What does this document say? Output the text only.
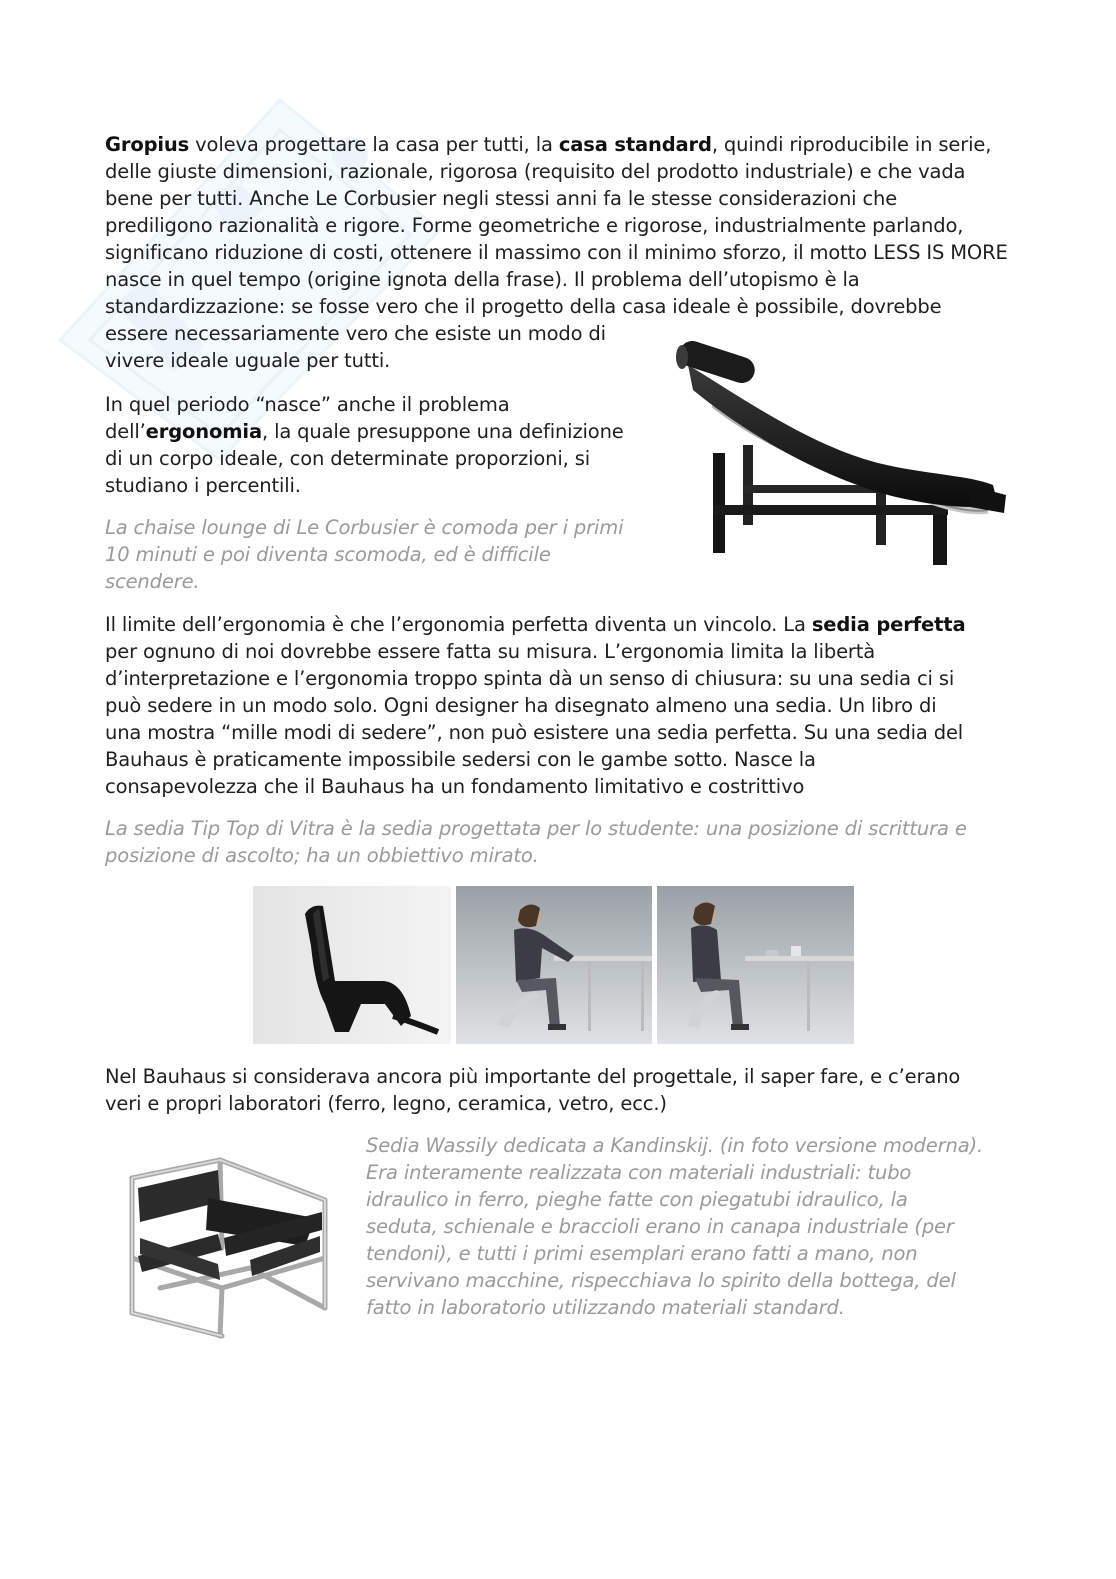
Gropius voleva progettare la casa per tutti, la casa standard, quindi riproducibile in serie,

delle giuste dimensioni, razionale, rigorosa (requisito del prodotto industriale) e che vada

bene per tutti. Anche Le Corbusier negli stessi anni fa le stesse considerazioni che

prediligono razionalità e rigore. Forme geometriche e rigorose, industrialmente parlando,

significano riduzione di costi, ottenere il massimo con il minimo sforzo, il motto LESS IS MORE

nasce in quel tempo (origine ignota della frase). Il problema dell’utopismo è la

standardizzazione: se fosse vero che il progetto della casa ideale è possibile, dovrebbe

essere necessariamente vero che esiste un modo di

vivere ideale uguale per tutti.

In quel periodo “nasce” anche il problema

dell’ergonomia, la quale presuppone una definizione

di un corpo ideale, con determinate proporzioni, si

studiano i percentili.

La chaise lounge di Le Corbusier è comoda per i primi

10 minuti e poi diventa scomoda, ed è difficile

scendere.

Il limite dell’ergonomia è che l’ergonomia perfetta diventa un vincolo. La sedia perfetta

per ognuno di noi dovrebbe essere fatta su misura. L’ergonomia limita la libertà

d’interpretazione e l’ergonomia troppo spinta dà un senso di chiusura: su una sedia ci si

può sedere in un modo solo. Ogni designer ha disegnato almeno una sedia. Un libro di

una mostra “mille modi di sedere”, non può esistere una sedia perfetta. Su una sedia del

Bauhaus è praticamente impossibile sedersi con le gambe sotto. Nasce la

consapevolezza che il Bauhaus ha un fondamento limitativo e costrittivo

La sedia Tip Top di Vitra è la sedia progettata per lo studente: una posizione di scrittura e

posizione di ascolto; ha un obbiettivo mirato.

Nel Bauhaus si considerava ancora più importante del progettale, il saper fare, e c’erano

veri e propri laboratori (ferro, legno, ceramica, vetro, ecc.)

Sedia Wassily dedicata a Kandinskij. (in foto versione moderna).

Era interamente realizzata con materiali industriali: tubo

idraulico in ferro, pieghe fatte con piegatubi idraulico, la

seduta, schienale e braccioli erano in canapa industriale (per

tendoni), e tutti i primi esemplari erano fatti a mano, non

servivano macchine, rispecchiava lo spirito della bottega, del

fatto in laboratorio utilizzando materiali standard.
